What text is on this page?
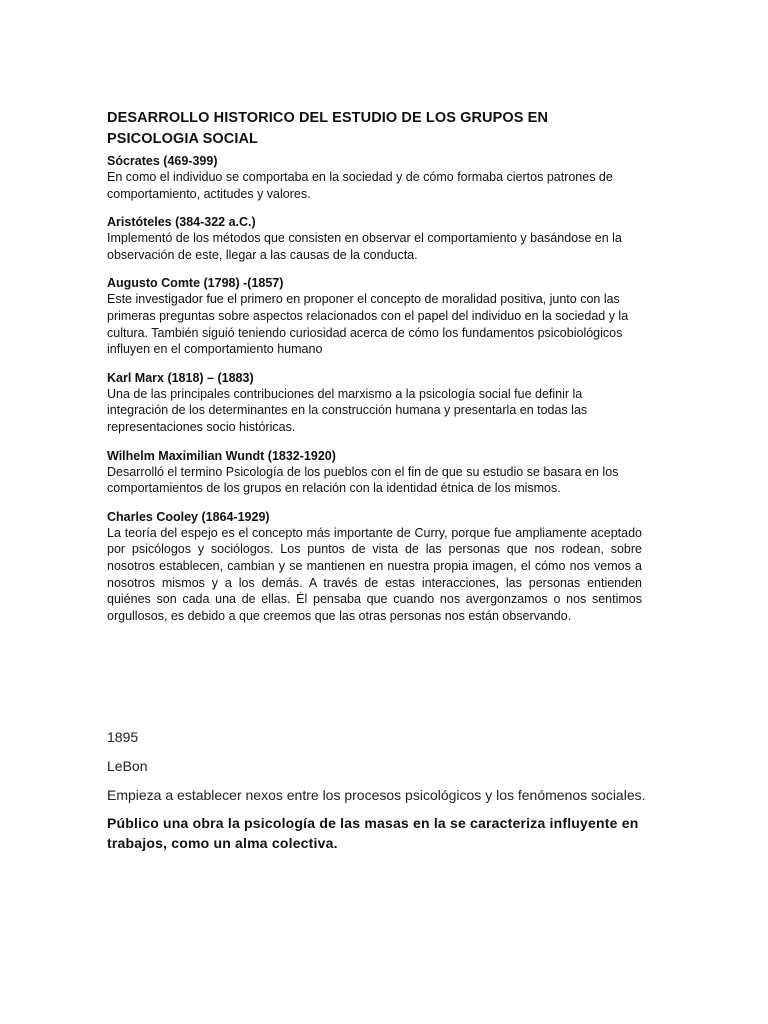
DESARROLLO HISTORICO DEL ESTUDIO DE LOS GRUPOS EN PSICOLOGIA SOCIAL

Sócrates (469-399)

En como el individuo se comportaba en la sociedad y de cómo formaba ciertos patrones de comportamiento, actitudes y valores.

Aristóteles (384-322 a.C.)

Implementó de los métodos que consisten en observar el comportamiento y basándose en la observación de este, llegar a las causas de la conducta.

Augusto Comte (1798) -(1857)

Este investigador fue el primero en proponer el concepto de moralidad positiva, junto con las primeras preguntas sobre aspectos relacionados con el papel del individuo en la sociedad y la cultura. También siguió teniendo curiosidad acerca de cómo los fundamentos psicobiológicos influyen en el comportamiento humano

Karl Marx (1818) – (1883)

Una de las principales contribuciones del marxismo a la psicología social fue definir la integración de los determinantes en la construcción humana y presentarla en todas las representaciones socio históricas.

Wilhelm Maximilian Wundt (1832-1920)

Desarrolló el termino Psicología de los pueblos con el fin de que su estudio se basara en los comportamientos de los grupos en relación con la identidad étnica de los mismos.

Charles Cooley (1864-1929)

La teoría del espejo es el concepto más importante de Curry, porque fue ampliamente aceptado por psicólogos y sociólogos. Los puntos de vista de las personas que nos rodean, sobre nosotros establecen, cambian y se mantienen en nuestra propia imagen, el cómo nos vemos a nosotros mismos y a los demás. A través de estas interacciones, las personas entienden quiénes son cada una de ellas. Él pensaba que cuando nos avergonzamos o nos sentimos orgullosos, es debido a que creemos que las otras personas nos están observando.

1895

LeBon

Empieza a establecer nexos entre los procesos psicológicos y los fenómenos sociales.

Público una obra la psicología de las masas en la se caracteriza influyente en trabajos, como un alma colectiva.
